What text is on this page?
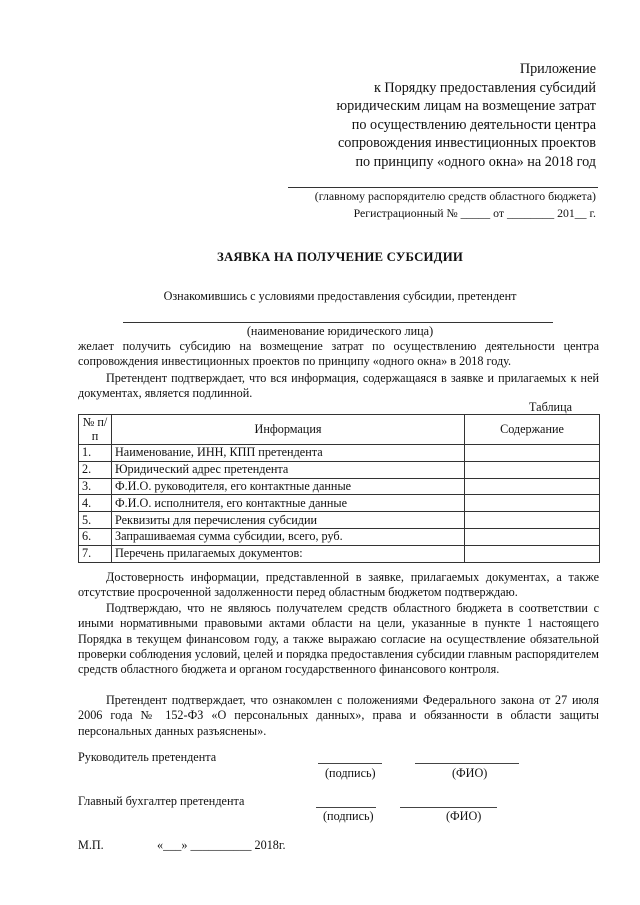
Приложение
к Порядку предоставления субсидий
юридическим лицам на возмещение затрат
по осуществлению деятельности центра
сопровождения инвестиционных проектов
по принципу «одного окна» на 2018 год
(главному распорядителю средств областного бюджета)
Регистрационный № _____ от ________ 201__ г.
ЗАЯВКА НА ПОЛУЧЕНИЕ СУБСИДИИ
Ознакомившись с условиями предоставления субсидии, претендент
(наименование юридического лица)
желает получить субсидию на возмещение затрат по осуществлению деятельности центра сопровождения инвестиционных проектов по принципу «одного окна» в 2018 году.
Претендент подтверждает, что вся информация, содержащаяся в заявке и прилагаемых к ней документах, является подлинной.
Таблица
№ п/п	Информация	Содержание
1.	Наименование, ИНН, КПП претендента	
2.	Юридический адрес претендента	
3.	Ф.И.О. руководителя, его контактные данные	
4.	Ф.И.О. исполнителя, его контактные данные	
5.	Реквизиты для перечисления субсидии	
6.	Запрашиваемая сумма субсидии, всего, руб.	
7.	Перечень прилагаемых документов:	
Достоверность информации, представленной в заявке, прилагаемых документах, а также отсутствие просроченной задолженности перед областным бюджетом подтверждаю.
Подтверждаю, что не являюсь получателем средств областного бюджета в соответствии с иными нормативными правовыми актами области на цели, указанные в пункте 1 настоящего Порядка в текущем финансовом году, а также выражаю согласие на осуществление обязательной проверки соблюдения условий, целей и порядка предоставления субсидии главным распорядителем средств областного бюджета и органом государственного финансового контроля.
Претендент подтверждает, что ознакомлен с положениями Федерального закона от 27 июля 2006 года № 152-ФЗ «О персональных данных», права и обязанности в области защиты персональных данных разъяснены».
Руководитель претендента
(подпись)	(ФИО)
Главный бухгалтер претендента
(подпись)	(ФИО)
М.П.	«___» __________ 2018г.
